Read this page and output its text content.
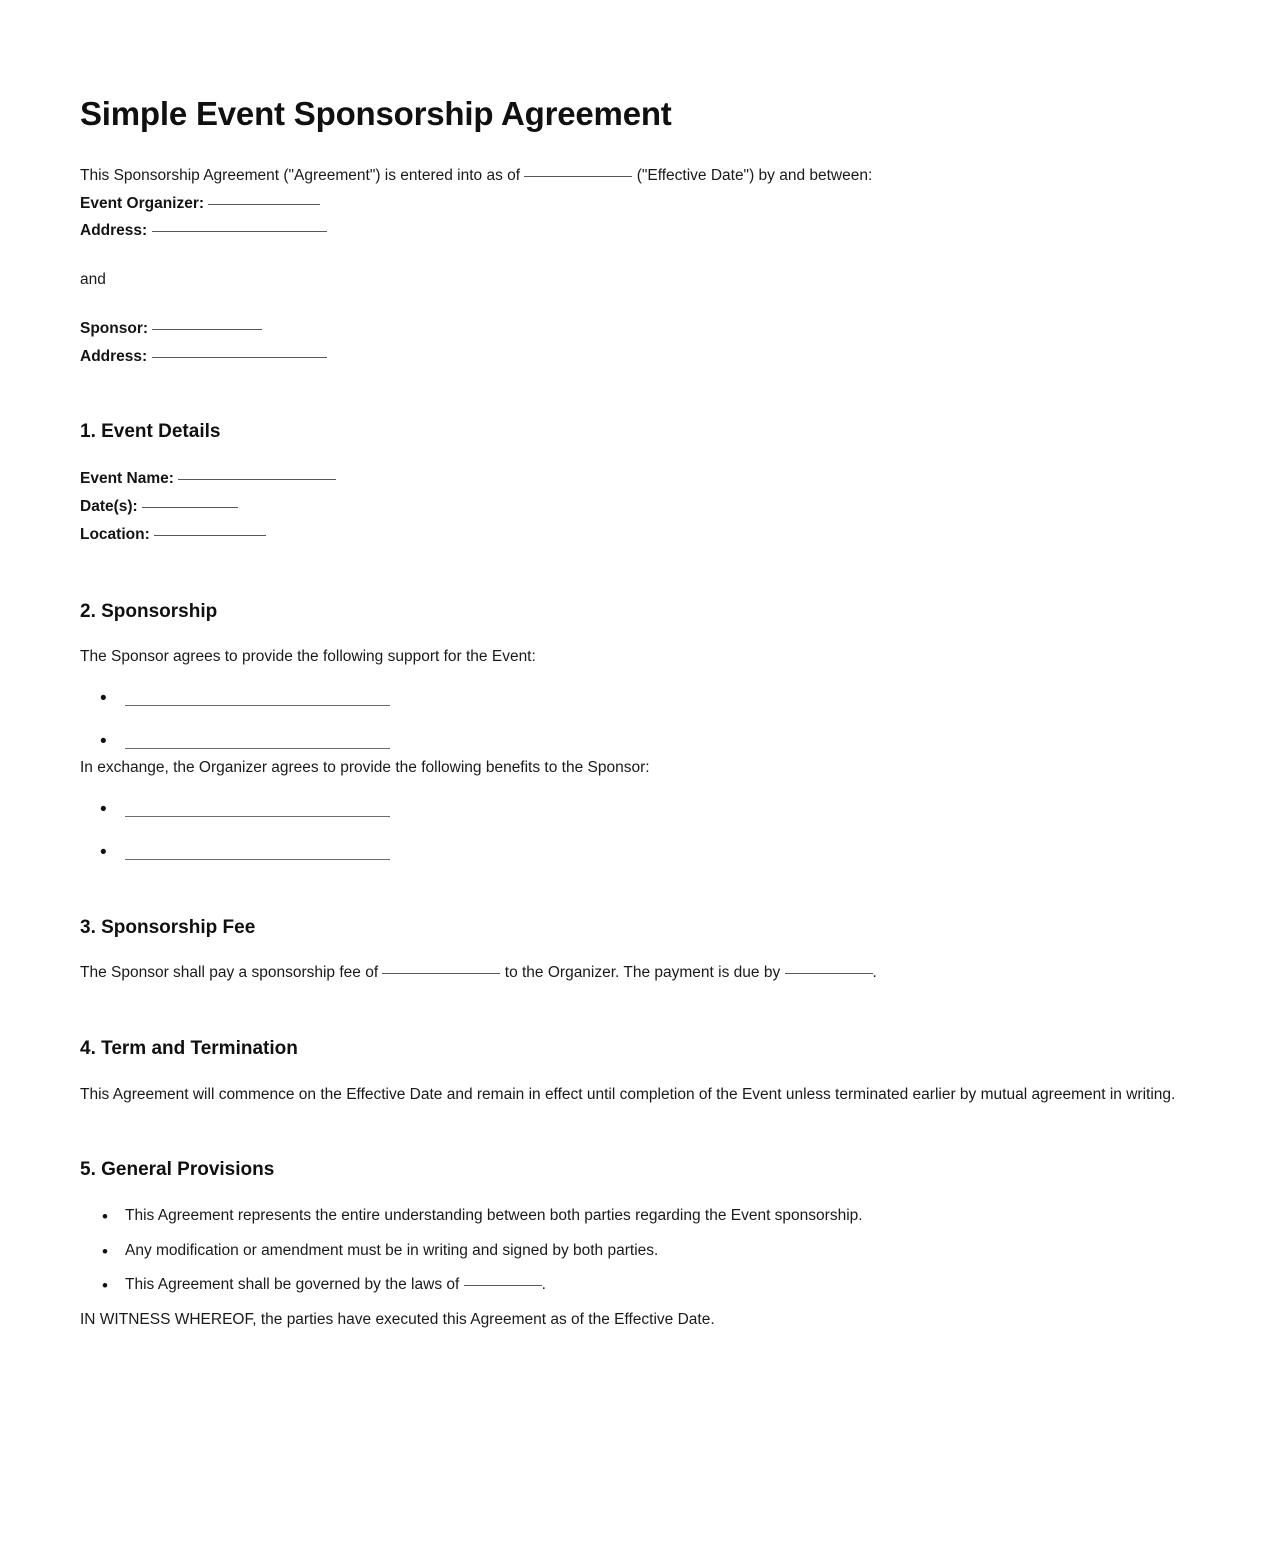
Simple Event Sponsorship Agreement

This Sponsorship Agreement ("Agreement") is entered into as of	("Effective Date") by and between:

Event Organizer:
Address:

and

Sponsor:
Address:
1. Event Details
Event Name:
Date(s):
Location:
2. Sponsorship

The Sponsor agrees to provide the following support for the Event:

•
•

In exchange, the Organizer agrees to provide the following benefits to the Sponsor:

•
•
3. Sponsorship Fee

The Sponsor shall pay a sponsorship fee of	to the Organizer. The payment is due by	.

4. Term and Termination

This Agreement will commence on the Effective Date and remain in effect until completion of the Event unless terminated earlier by mutual agreement in writing.

5. General Provisions
• This Agreement represents the entire understanding between both parties regarding the Event sponsorship.
• Any modification or amendment must be in writing and signed by both parties.
• This Agreement shall be governed by the laws of	.

IN WITNESS WHEREOF, the parties have executed this Agreement as of the Effective Date.
